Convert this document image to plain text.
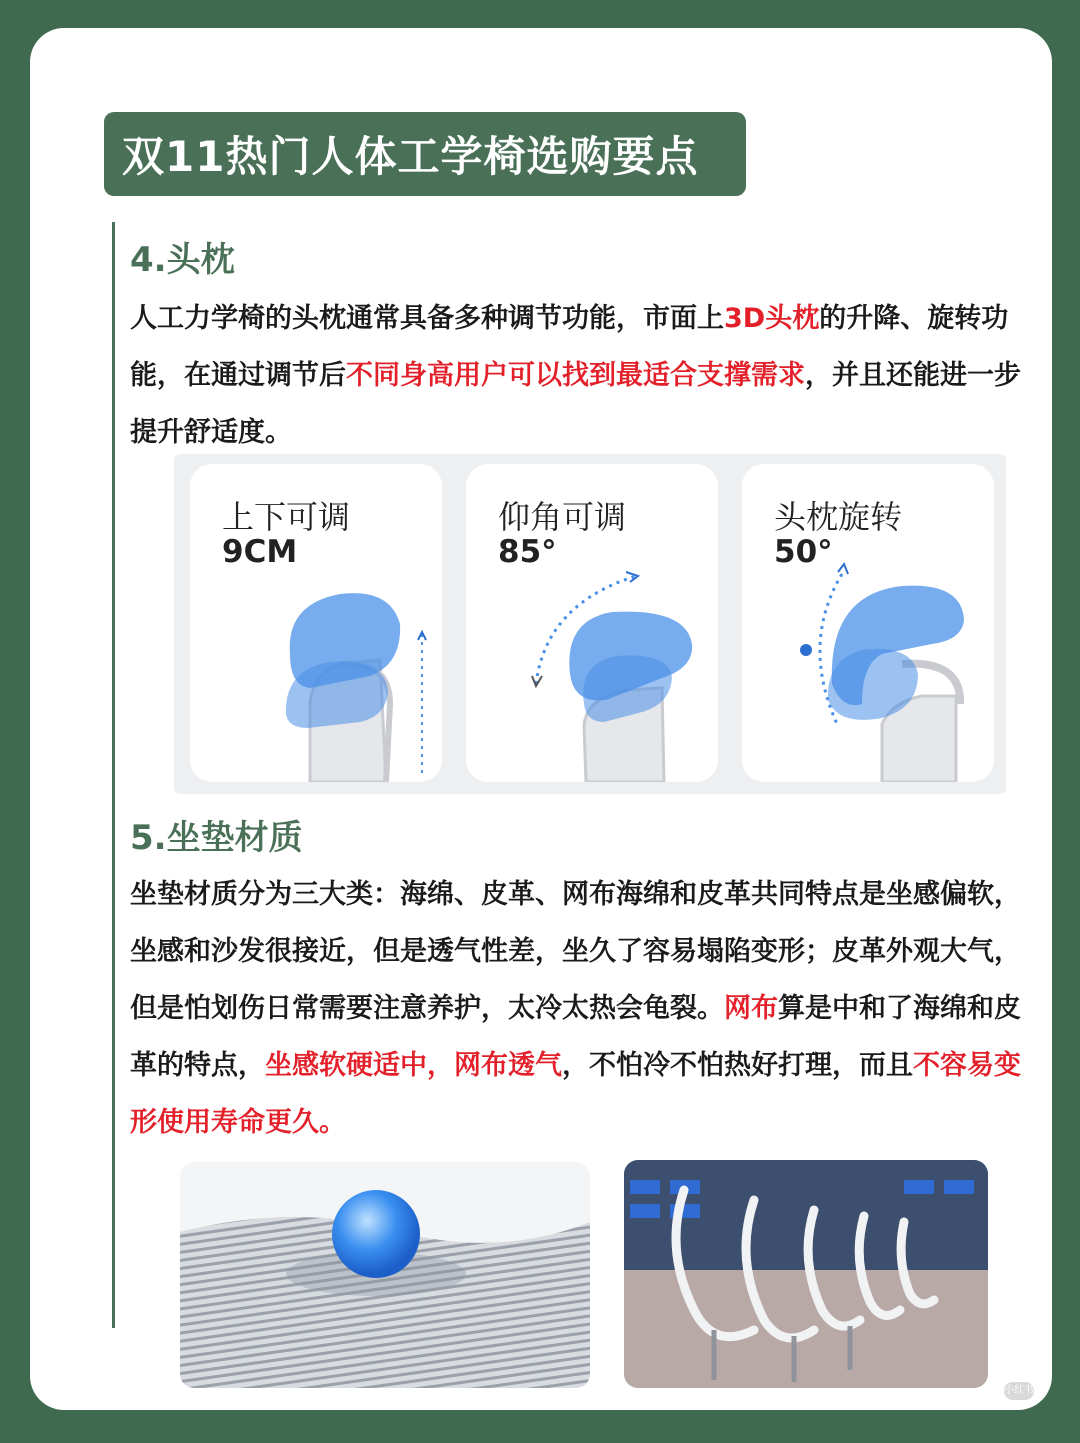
双11热门人体工学椅选购要点
4.头枕
人工力学椅的头枕通常具备多种调节功能，市面上3D头枕的升降、旋转功能，在通过调节后不同身高用户可以找到最适合支撑需求，并且还能进一步提升舒适度。
上下可调
9CM
仰角可调
85°
头枕旋转
50°
5.坐垫材质
坐垫材质分为三大类：海绵、皮革、网布海绵和皮革共同特点是坐感偏软，坐感和沙发很接近，但是透气性差，坐久了容易塌陷变形；皮革外观大气，但是怕划伤日常需要注意养护，太冷太热会龟裂。网布算是中和了海绵和皮革的特点，坐感软硬适中，网布透气，不怕冷不怕热好打理，而且不容易变形使用寿命更久。
小红书
